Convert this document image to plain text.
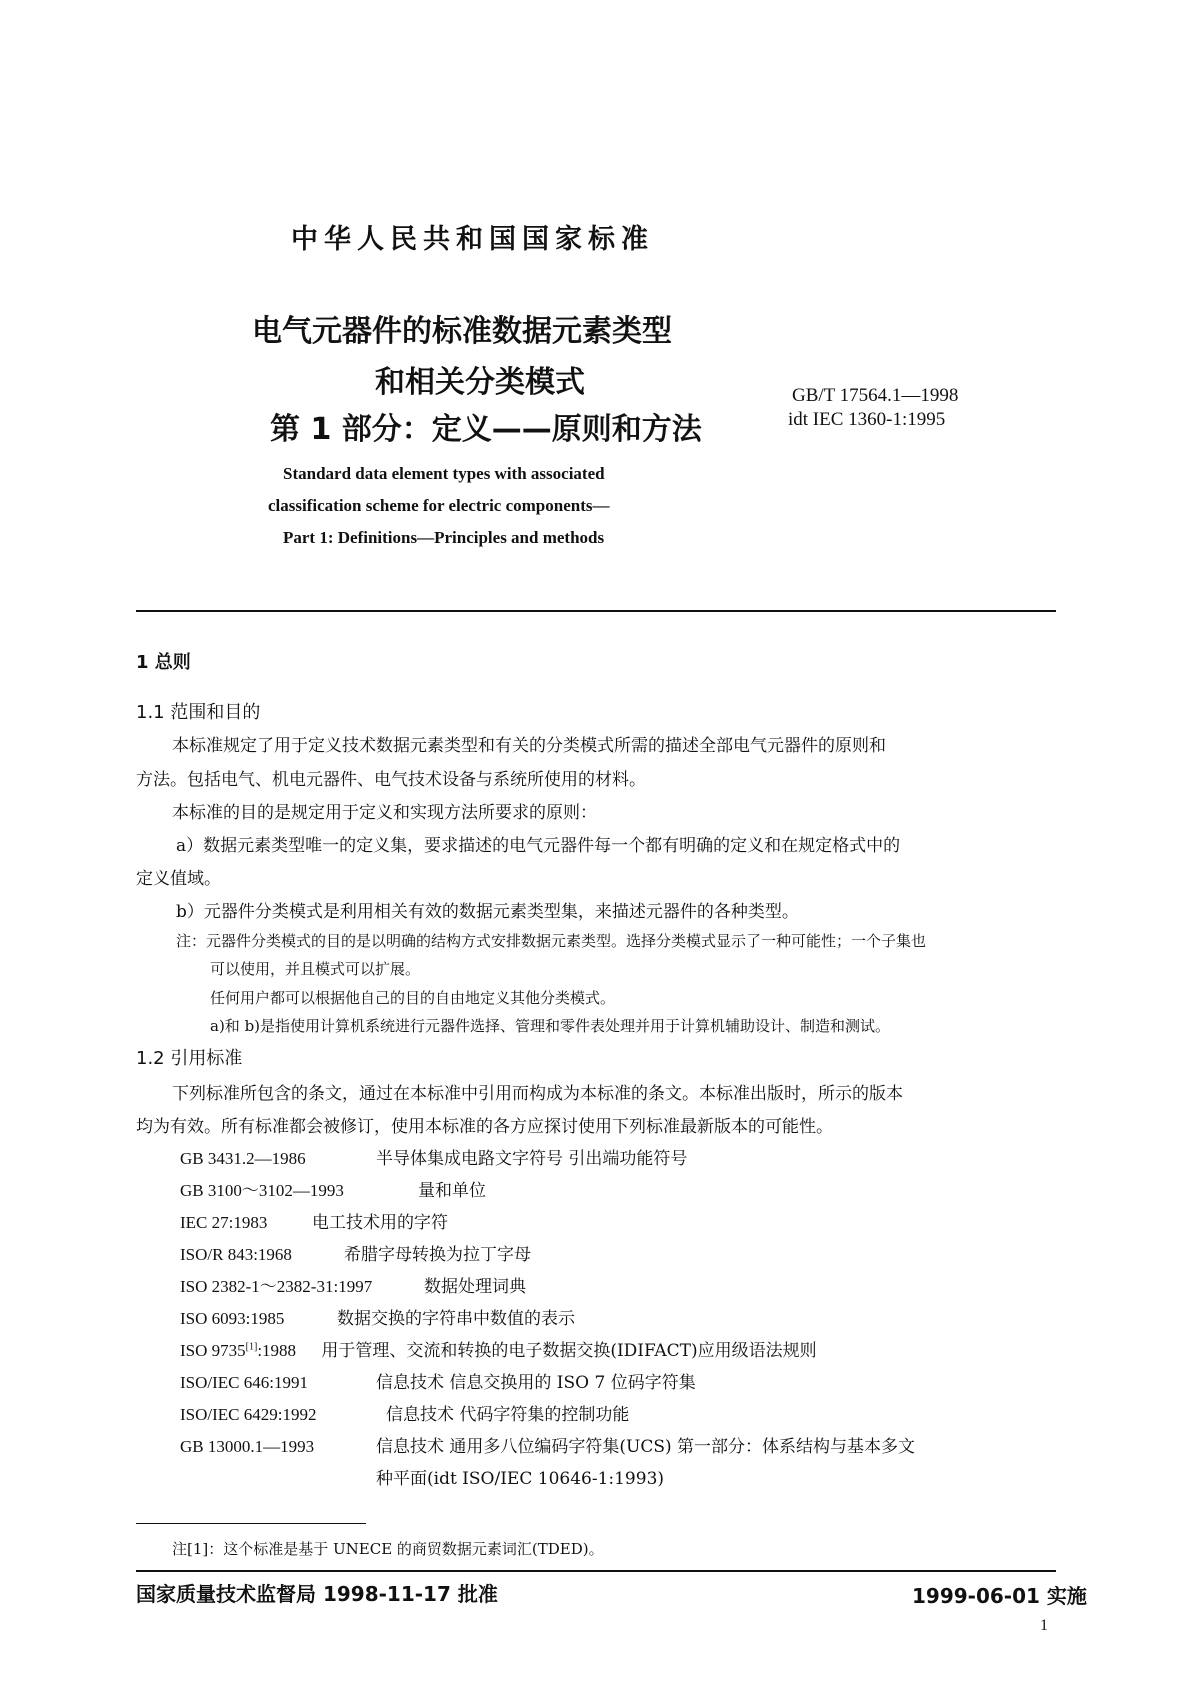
中华人民共和国国家标准
电气元器件的标准数据元素类型
和相关分类模式
第 1 部分：定义——原则和方法
GB/T 17564.1—1998
idt IEC 1360-1:1995
Standard data element types with associated
classification scheme for electric components—
Part 1: Definitions—Principles and methods
1 总则
1.1 范围和目的
本标准规定了用于定义技术数据元素类型和有关的分类模式所需的描述全部电气元器件的原则和
方法。包括电气、机电元器件、电气技术设备与系统所使用的材料。
本标准的目的是规定用于定义和实现方法所要求的原则：
a）数据元素类型唯一的定义集，要求描述的电气元器件每一个都有明确的定义和在规定格式中的
定义值域。
b）元器件分类模式是利用相关有效的数据元素类型集，来描述元器件的各种类型。
注：元器件分类模式的目的是以明确的结构方式安排数据元素类型。选择分类模式显示了一种可能性；一个子集也
可以使用，并且模式可以扩展。
任何用户都可以根据他自己的目的自由地定义其他分类模式。
a)和 b)是指使用计算机系统进行元器件选择、管理和零件表处理并用于计算机辅助设计、制造和测试。
1.2 引用标准
下列标准所包含的条文，通过在本标准中引用而构成为本标准的条文。本标准出版时，所示的版本
均为有效。所有标准都会被修订，使用本标准的各方应探讨使用下列标准最新版本的可能性。
GB 3431.2—1986	半导体集成电路文字符号 引出端功能符号
GB 3100～3102—1993	量和单位
IEC 27:1983	电工技术用的字符
ISO/R 843:1968	希腊字母转换为拉丁字母
ISO 2382-1～2382-31:1997	数据处理词典
ISO 6093:1985	数据交换的字符串中数值的表示
ISO 9735[1]:1988 用于管理、交流和转换的电子数据交换(IDIFACT)应用级语法规则
ISO/IEC 646:1991	信息技术 信息交换用的 ISO 7 位码字符集
ISO/IEC 6429:1992	信息技术 代码字符集的控制功能
GB 13000.1—1993	信息技术 通用多八位编码字符集(UCS) 第一部分：体系结构与基本多文
种平面(idt ISO/IEC 10646-1:1993)
注[1]：这个标准是基于 UNECE 的商贸数据元素词汇(TDED)。
国家质量技术监督局 1998-11-17 批准	1999-06-01 实施
1
